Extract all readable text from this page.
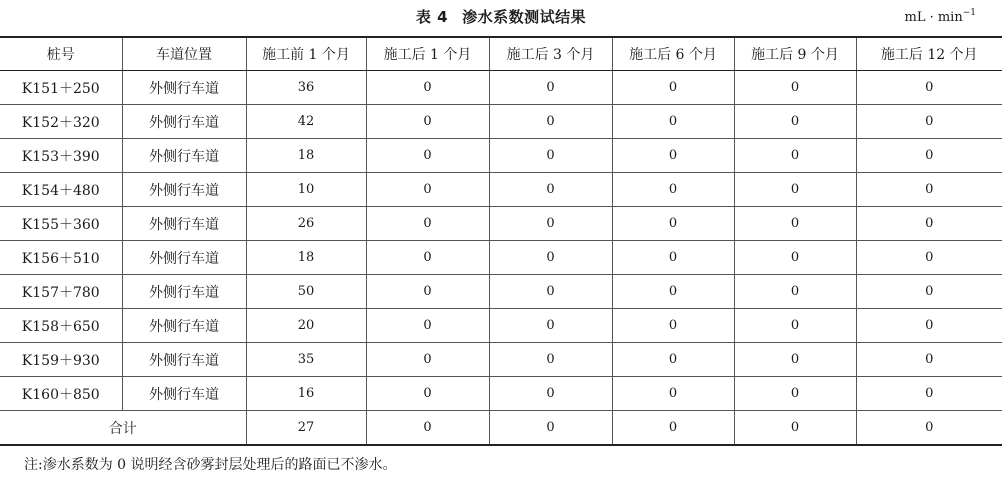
表 4 渗水系数测试结果	mL · $\min^{-1}$
桩号	车道位置	施工前 1 个月	施工后 1 个月	施工后 3 个月	施工后 6 个月	施工后 9 个月	施工后 12 个月
K151＋250	外侧行车道	36	0	0	0	0	0
K152＋320	外侧行车道	42	0	0	0	0	0
K153＋390	外侧行车道	18	0	0	0	0	0
K154＋480	外侧行车道	10	0	0	0	0	0
K155＋360	外侧行车道	26	0	0	0	0	0
K156＋510	外侧行车道	18	0	0	0	0	0
K157＋780	外侧行车道	50	0	0	0	0	0
K158＋650	外侧行车道	20	0	0	0	0	0
K159＋930	外侧行车道	35	0	0	0	0	0
K160＋850	外侧行车道	16	0	0	0	0	0
合计		27	0	0	0	0	0
注:渗水系数为 0 说明经含砂雾封层处理后的路面已不渗水。
